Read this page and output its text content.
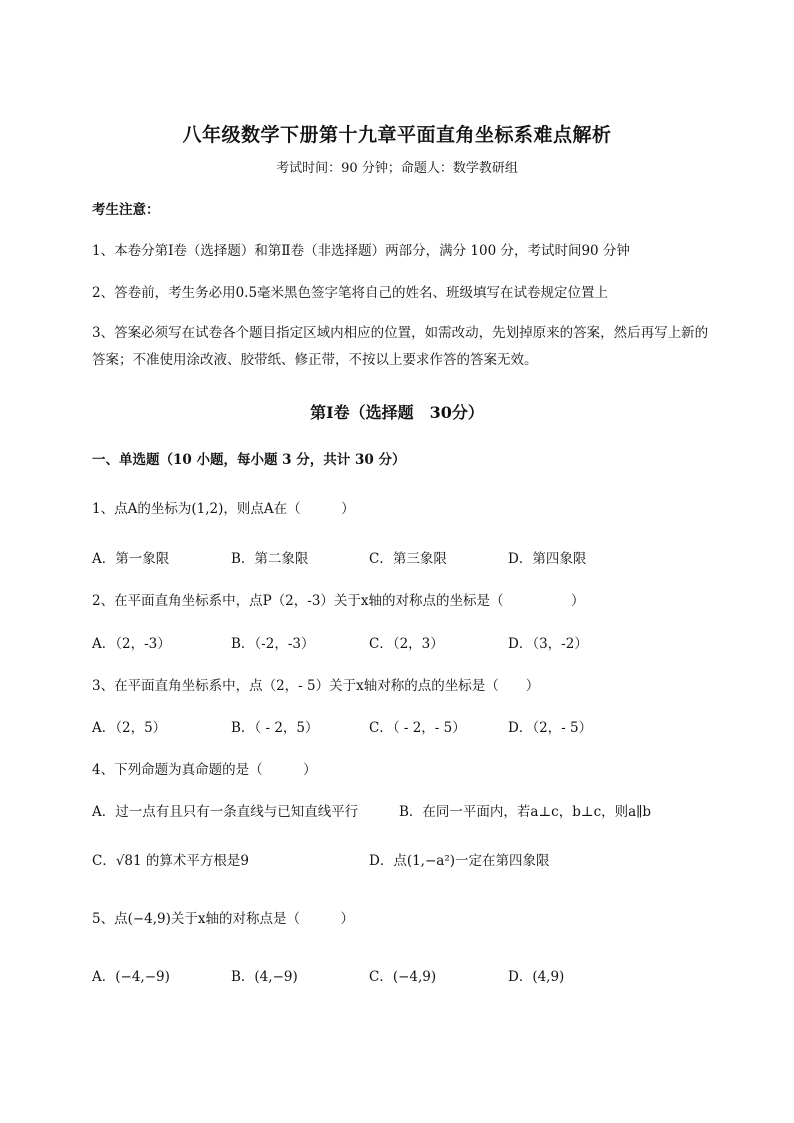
八年级数学下册第十九章平面直角坐标系难点解析
考试时间：90 分钟；命题人：数学教研组
考生注意：
1、本卷分第Ⅰ卷（选择题）和第Ⅱ卷（非选择题）两部分，满分 100 分，考试时间90 分钟
2、答卷前，考生务必用0.5毫米黑色签字笔将自己的姓名、班级填写在试卷规定位置上
3、答案必须写在试卷各个题目指定区域内相应的位置，如需改动，先划掉原来的答案，然后再写上新的答案；不准使用涂改液、胶带纸、修正带，不按以上要求作答的答案无效。
第Ⅰ卷（选择题　30分）
一、单选题（10 小题，每小题 3 分，共计 30 分）
1、点A的坐标为(1,2)，则点A在（　　　）
A．第一象限	B．第二象限	C．第三象限	D．第四象限
2、在平面直角坐标系中，点P（2，-3）关于x轴的对称点的坐标是（　　　　　）
A．（2，-3）	B．（-2，-3）	C．（2，3）	D．（3，-2）
3、在平面直角坐标系中，点（2，- 5）关于x轴对称的点的坐标是（　　）
A．（2，5）	B．（ - 2，5）	C．（ - 2，- 5）	D．（2，- 5）
4、下列命题为真命题的是（　　　）
A．过一点有且只有一条直线与已知直线平行	B．在同一平面内，若a⊥c，b⊥c，则a∥b
C．√81 的算术平方根是9	D．点(1,−a²)一定在第四象限
5、点(−4,9)关于x轴的对称点是（　　　）
A．(−4,−9)	B．(4,−9)	C．(−4,9)	D．(4,9)
